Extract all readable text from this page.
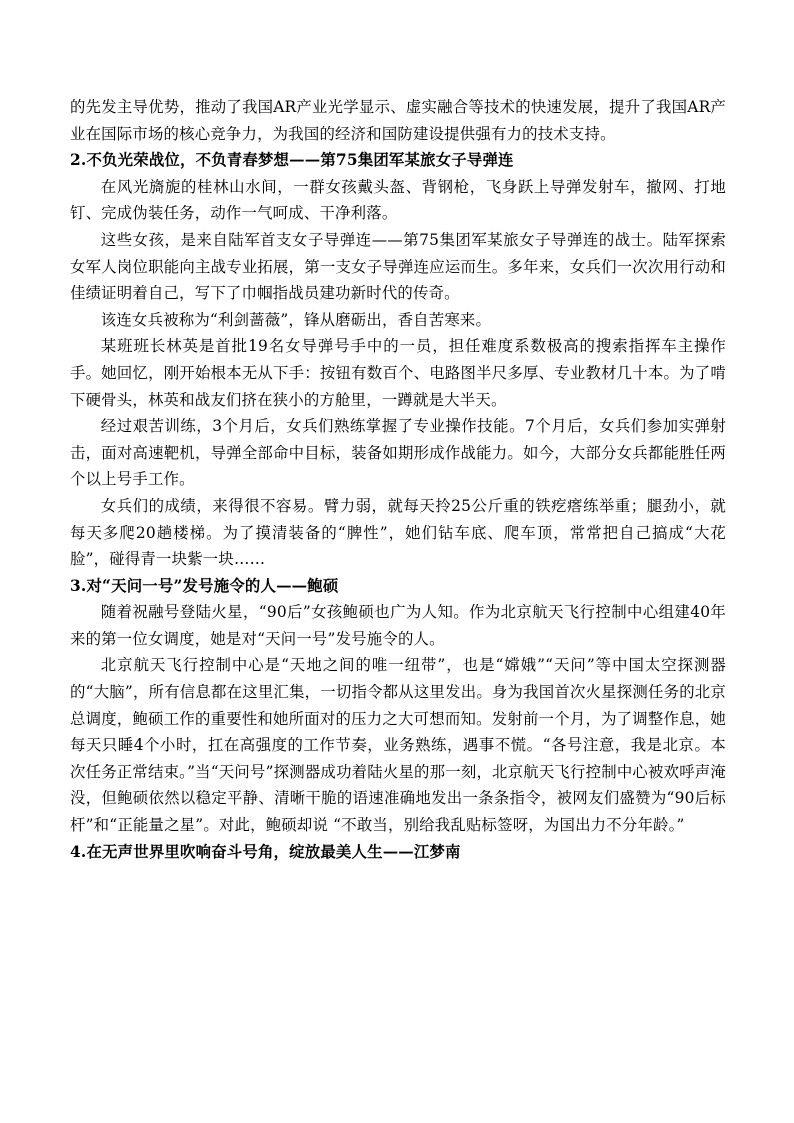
的先发主导优势，推动了我国AR产业光学显示、虚实融合等技术的快速发展，提升了我国AR产业在国际市场的核心竞争力，为我国的经济和国防建设提供强有力的技术支持。

2.不负光荣战位，不负青春梦想——第75集团军某旅女子导弹连

在风光旖旎的桂林山水间，一群女孩戴头盔、背钢枪，飞身跃上导弹发射车，撤网、打地钉、完成伪装任务，动作一气呵成、干净利落。

这些女孩，是来自陆军首支女子导弹连——第75集团军某旅女子导弹连的战士。陆军探索女军人岗位职能向主战专业拓展，第一支女子导弹连应运而生。多年来，女兵们一次次用行动和佳绩证明着自己，写下了巾帼指战员建功新时代的传奇。

该连女兵被称为“利剑蔷薇”，锋从磨砺出，香自苦寒来。

某班班长林英是首批19名女导弹号手中的一员，担任难度系数极高的搜索指挥车主操作手。她回忆，刚开始根本无从下手：按钮有数百个、电路图半尺多厚、专业教材几十本。为了啃下硬骨头，林英和战友们挤在狭小的方舱里，一蹲就是大半天。

经过艰苦训练，3个月后，女兵们熟练掌握了专业操作技能。7个月后，女兵们参加实弹射击，面对高速靶机，导弹全部命中目标，装备如期形成作战能力。如今，大部分女兵都能胜任两个以上号手工作。

女兵们的成绩，来得很不容易。臂力弱，就每天拎25公斤重的铁疙瘩练举重；腿劲小，就每天多爬20趟楼梯。为了摸清装备的“脾性”，她们钻车底、爬车顶，常常把自己搞成“大花脸”，碰得青一块紫一块……

3.对“天问一号”发号施令的人——鲍硕

随着祝融号登陆火星，“90后”女孩鲍硕也广为人知。作为北京航天飞行控制中心组建40年来的第一位女调度，她是对“天问一号”发号施令的人。

北京航天飞行控制中心是“天地之间的唯一纽带”，也是“嫦娥”“天问”等中国太空探测器的“大脑”，所有信息都在这里汇集，一切指令都从这里发出。身为我国首次火星探测任务的北京总调度，鲍硕工作的重要性和她所面对的压力之大可想而知。发射前一个月，为了调整作息，她每天只睡4个小时，扛在高强度的工作节奏，业务熟练，遇事不慌。“各号注意，我是北京。本次任务正常结束。”当“天问号”探测器成功着陆火星的那一刻，北京航天飞行控制中心被欢呼声淹没，但鲍硕依然以稳定平静、清晰干脆的语速准确地发出一条条指令，被网友们盛赞为“90后标杆”和“正能量之星”。对此，鲍硕却说 “不敢当，别给我乱贴标签呀，为国出力不分年龄。”

4.在无声世界里吹响奋斗号角，绽放最美人生——江梦南
